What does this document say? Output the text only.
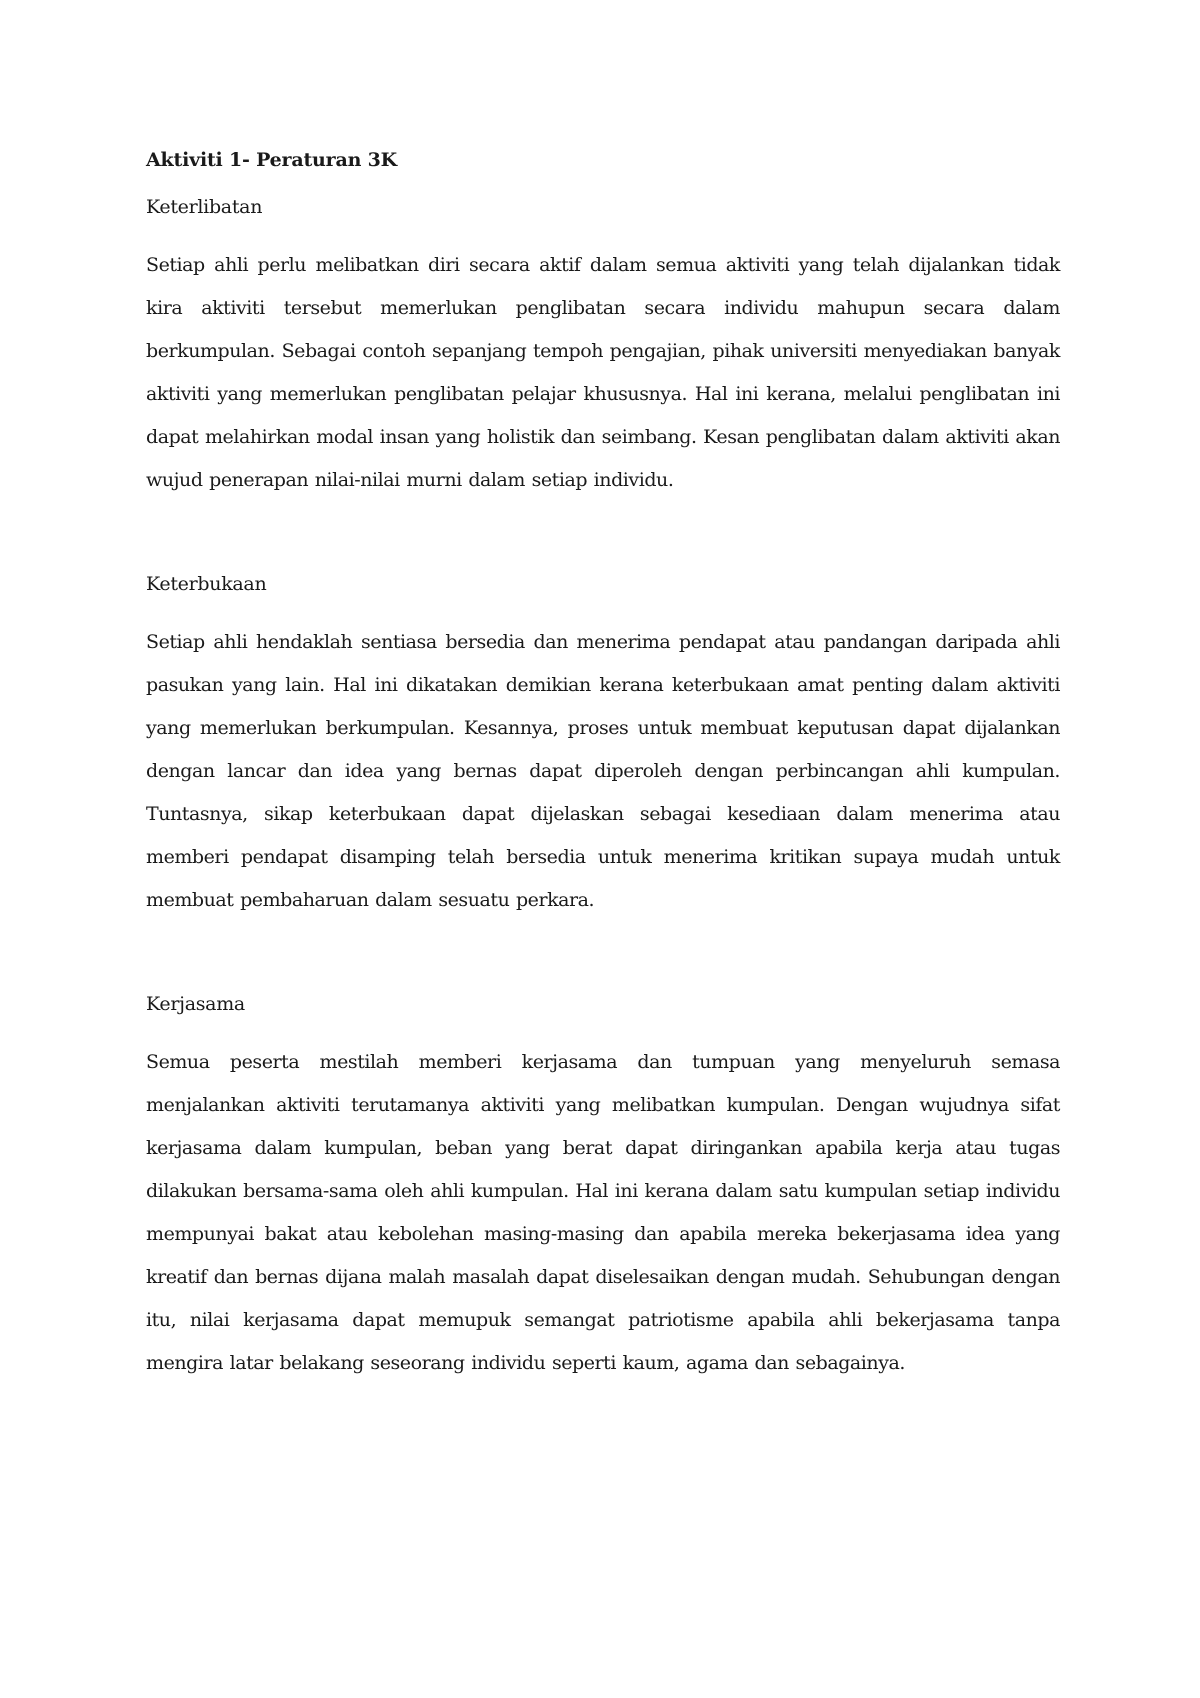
Aktiviti 1- Peraturan 3K

Keterlibatan

Setiap ahli perlu melibatkan diri secara aktif dalam semua aktiviti yang telah dijalankan tidak kira aktiviti tersebut memerlukan penglibatan secara individu mahupun secara dalam berkumpulan. Sebagai contoh sepanjang tempoh pengajian, pihak universiti menyediakan banyak aktiviti yang memerlukan penglibatan pelajar khususnya. Hal ini kerana, melalui penglibatan ini dapat melahirkan modal insan yang holistik dan seimbang. Kesan penglibatan dalam aktiviti akan wujud penerapan nilai-nilai murni dalam setiap individu.

Keterbukaan

Setiap ahli hendaklah sentiasa bersedia dan menerima pendapat atau pandangan daripada ahli pasukan yang lain. Hal ini dikatakan demikian kerana keterbukaan amat penting dalam aktiviti yang memerlukan berkumpulan. Kesannya, proses untuk membuat keputusan dapat dijalankan dengan lancar dan idea yang bernas dapat diperoleh dengan perbincangan ahli kumpulan. Tuntasnya, sikap keterbukaan dapat dijelaskan sebagai kesediaan dalam menerima atau memberi pendapat disamping telah bersedia untuk menerima kritikan supaya mudah untuk membuat pembaharuan dalam sesuatu perkara.

Kerjasama

Semua peserta mestilah memberi kerjasama dan tumpuan yang menyeluruh semasa menjalankan aktiviti terutamanya aktiviti yang melibatkan kumpulan. Dengan wujudnya sifat kerjasama dalam kumpulan, beban yang berat dapat diringankan apabila kerja atau tugas dilakukan bersama-sama oleh ahli kumpulan. Hal ini kerana dalam satu kumpulan setiap individu mempunyai bakat atau kebolehan masing-masing dan apabila mereka bekerjasama idea yang kreatif dan bernas dijana malah masalah dapat diselesaikan dengan mudah. Sehubungan dengan itu, nilai kerjasama dapat memupuk semangat patriotisme apabila ahli bekerjasama tanpa mengira latar belakang seseorang individu seperti kaum, agama dan sebagainya.
